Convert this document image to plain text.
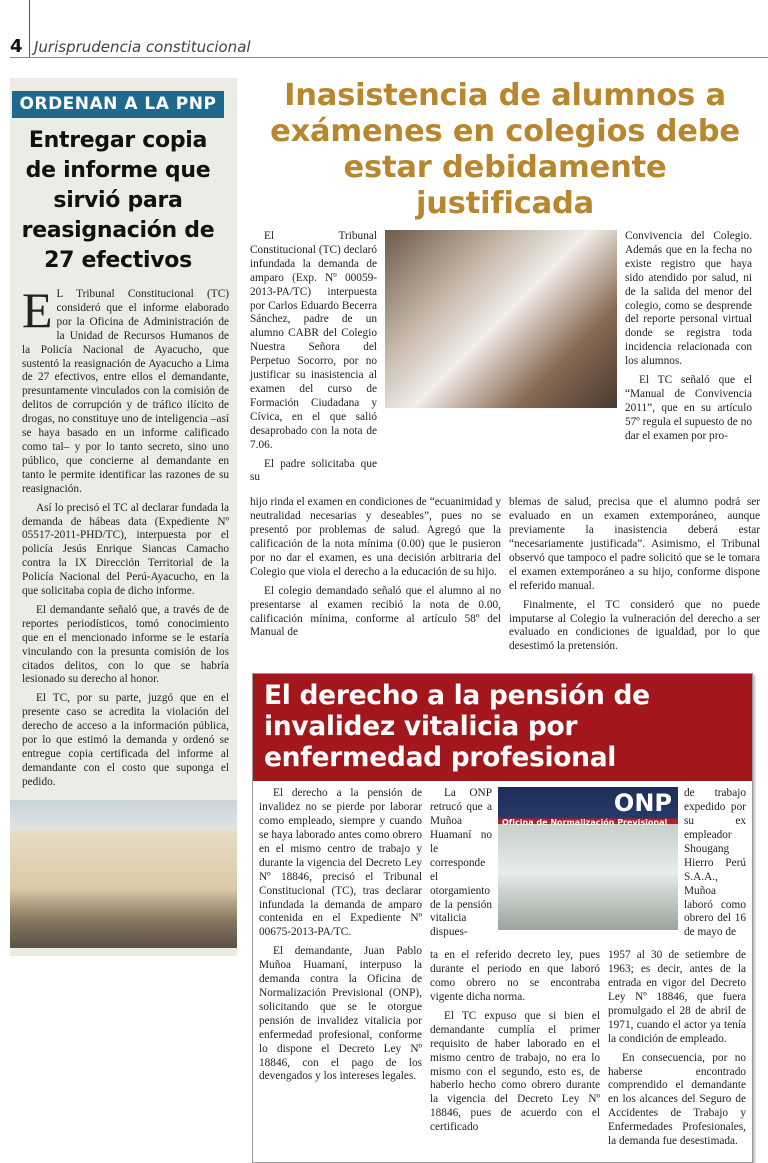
4 Jurisprudencia constitucional
ORDENAN A LA PNP
Entregar copia de informe que sirvió para reasignación de 27 efectivos

E L Tribunal Constitucional (TC) consideró que el informe elaborado por la Oficina de Administración de la Unidad de Recursos Humanos de la Policía Nacional de Ayacucho, que sustentó la reasignación de Ayacucho a Lima de 27 efectivos, entre ellos el demandante, presuntamente vinculados con la comisión de delitos de corrupción y de tráfico ilícito de drogas, no constituye uno de inteligencia –así se haya basado en un informe calificado como tal– y por lo tanto secreto, sino uno público, que concierne al demandante en tanto le permite identificar las razones de su reasignación.

Así lo precisó el TC al declarar fundada la demanda de hábeas data (Expediente Nº 05517-2011-PHD/TC), interpuesta por el policía Jesús Enrique Siancas Camacho contra la IX Dirección Territorial de la Policía Nacional del Perú-Ayacucho, en la que solicitaba copia de dicho informe.

El demandante señaló que, a través de de reportes periodísticos, tomó conocimiento que en el mencionado informe se le estaría vinculando con la presunta comisión de los citados delitos, con lo que se habría lesionado su derecho al honor.

El TC, por su parte, juzgó que en el presente caso se acredita la violación del derecho de acceso a la información pública, por lo que estimó la demanda y ordenó se entregue copia certificada del informe al demandante con el costo que suponga el pedido.

Inasistencia de alumnos a exámenes en colegios debe estar debidamente justificada

El Tribunal Constitucional (TC) declaró infundada la demanda de amparo (Exp. Nº 00059-2013-PA/TC) interpuesta por Carlos Eduardo Becerra Sánchez, padre de un alumno CABR del Colegio Nuestra Señora del Perpetuo Socorro, por no justificar su inasistencia al examen del curso de Formación Ciudadana y Cívica, en el que salió desaprobado con la nota de 7.06.

El padre solicitaba que su

Convivencia del Colegio. Además que en la fecha no existe registro que haya sido atendido por salud, ni de la salida del menor del colegio, como se desprende del reporte personal virtual donde se registra toda incidencia relacionada con los alumnos.

El TC señaló que el “Manual de Convivencia 2011”, que en su artículo 57º regula el supuesto de no dar el examen por pro-

hijo rinda el examen en condiciones de “ecuanimidad y neutralidad necesarias y deseables”, pues no se presentó por problemas de salud. Agregó que la calificación de la nota mínima (0.00) que le pusieron por no dar el examen, es una decisión arbitraria del Colegio que viola el derecho a la educación de su hijo.

El colegio demandado señaló que el alumno al no presentarse al examen recibió la nota de 0.00, calificación mínima, conforme al artículo 58º del Manual de

blemas de salud, precisa que el alumno podrá ser evaluado en un examen extemporáneo, aunque previamente la inasistencia deberá estar “necesariamente justificada”. Asimismo, el Tribunal observó que tampoco el padre solicitó que se le tomara el examen extemporáneo a su hijo, conforme dispone el referido manual.

Finalmente, el TC consideró que no puede imputarse al Colegio la vulneración del derecho a ser evaluado en condiciones de igualdad, por lo que desestimó la pretensión.

El derecho a la pensión de invalidez vitalicia por enfermedad profesional

El derecho a la pensión de invalidez no se pierde por laborar como empleado, siempre y cuando se haya laborado antes como obrero en el mismo centro de trabajo y durante la vigencia del Decreto Ley Nº 18846, precisó el Tribunal Constitucional (TC), tras declarar infundada la demanda de amparo contenida en el Expediente Nº 00675-2013-PA/TC.

El demandante, Juan Pablo Muñoa Huamaní, interpuso la demanda contra la Oficina de Normalización Previsional (ONP), solicitando que se le otorgue pensión de invalidez vitalicia por enfermedad profesional, conforme lo dispone el Decreto Ley Nº 18846, con el pago de los devengados y los intereses legales.

La ONP retrucó que a Muñoa Huamaní no le corresponde el otorgamiento de la pensión vitalicia dispues-

ONP
Oficina de Normalización Previsional

de trabajo expedido por su ex empleador Shougang Hierro Perú S.A.A., Muñoa laboró como obrero del 16 de mayo de

ta en el referido decreto ley, pues durante el periodo en que laboró como obrero no se encontraba vigente dicha norma.

El TC expuso que si bien el demandante cumplía el primer requisito de haber laborado en el mismo centro de trabajo, no era lo mismo con el segundo, esto es, de haberlo hecho como obrero durante la vigencia del Decreto Ley Nº 18846, pues de acuerdo con el certificado

1957 al 30 de setiembre de 1963; es decir, antes de la entrada en vigor del Decreto Ley Nº 18846, que fuera promulgado el 28 de abril de 1971, cuando el actor ya tenía la condición de empleado.

En consecuencia, por no haberse encontrado comprendido el demandante en los alcances del Seguro de Accidentes de Trabajo y Enfermedades Profesionales, la demanda fue desestimada.
